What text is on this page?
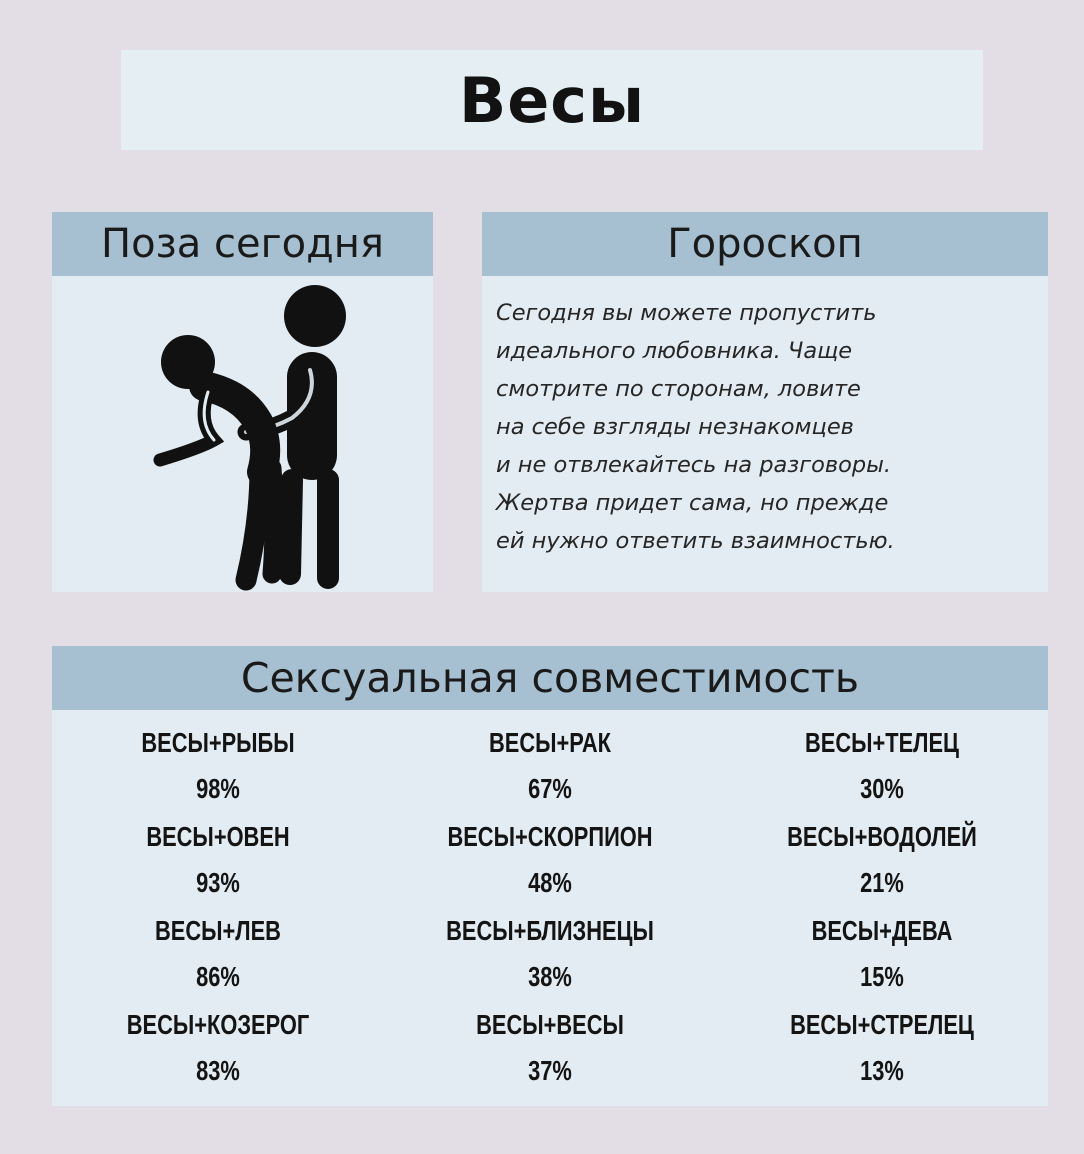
Весы
Поза сегодня	Гороскоп
Сегодня вы можете пропустить
идеального любовника. Чаще
смотрите по сторонам, ловите
на себе взгляды незнакомцев
и не отвлекайтесь на разговоры.
Жертва придет сама, но прежде
ей нужно ответить взаимностью.
Сексуальная совместимость
ВЕСЫ+РЫБЫ
98%
ВЕСЫ+ОВЕН
93%
ВЕСЫ+ЛЕВ
86%
ВЕСЫ+КОЗЕРОГ
83%
ВЕСЫ+РАК
67%
ВЕСЫ+СКОРПИОН
48%
ВЕСЫ+БЛИЗНЕЦЫ
38%
ВЕСЫ+ВЕСЫ
37%
ВЕСЫ+ТЕЛЕЦ
30%
ВЕСЫ+ВОДОЛЕЙ
21%
ВЕСЫ+ДЕВА
15%
ВЕСЫ+СТРЕЛЕЦ
13%
